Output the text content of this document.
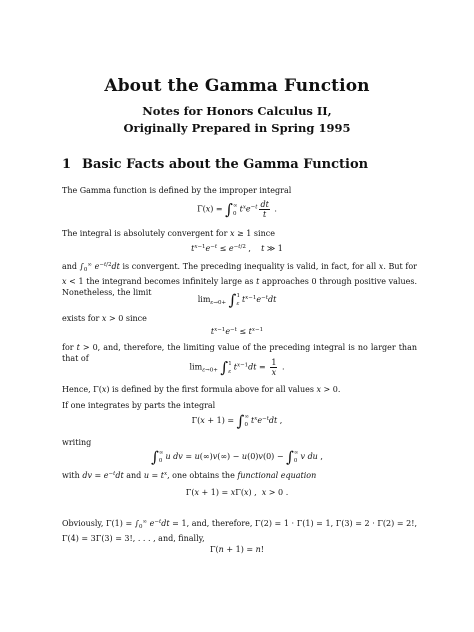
About the Gamma Function
Notes for Honors Calculus II,
Originally Prepared in Spring 1995
1 Basic Facts about the Gamma Function
The Gamma function is defined by the improper integral
Γ(x) = ∫∞
0 $t^xe^{-t} \frac{dt}{t}$ .
The integral is absolutely convergent for x ≥ 1 since
$t^{x-1}e^{-t} \le e^{-t/2}$ ,    t ≫ 1
and $\int_0^\infty$ $e^{-t/2}dt$ is convergent. The preceding inequality is valid, in fact, for all x. But for x < 1 the integrand becomes infinitely large as t approaches 0 through positive values. Nonetheless, the limit
$\lim_{\varepsilon\to 0+} \int 1$
ε $t^{x-1}e^{-t}dt$
exists for x > 0 since
$t^{x-1}e^{-t} \le t^{x-1}$
for t > 0, and, therefore, the limiting value of the preceding integral is no larger than that of
$\lim_{\varepsilon\to 0+} \int 1$
ε $t^{x-1}dt = \frac{1}{x}$ .
Hence, Γ(x) is defined by the first formula above for all values x > 0.
If one integrates by parts the integral
Γ(x + 1) = ∫∞
0 $t^xe^{-t}dt$ ,
writing
∫∞
0 u dv = u(∞)v(∞) − u(0)v(0) − ∫∞
0 v du ,
with dv = $e^{-t}dt$ and $u = t^x$, one obtains the functional equation
Γ(x + 1) = xΓ(x) ,  x > 0 .
Obviously, $\Gamma(1) = \int_0^\infty$ $e^{-t}dt = 1$, and, therefore, Γ(2) = 1 · Γ(1) = 1, Γ(3) = 2 · Γ(2) = 2!, Γ(4) = 3Γ(3) = 3!, . . . , and, finally,
Γ(n + 1) = n!
